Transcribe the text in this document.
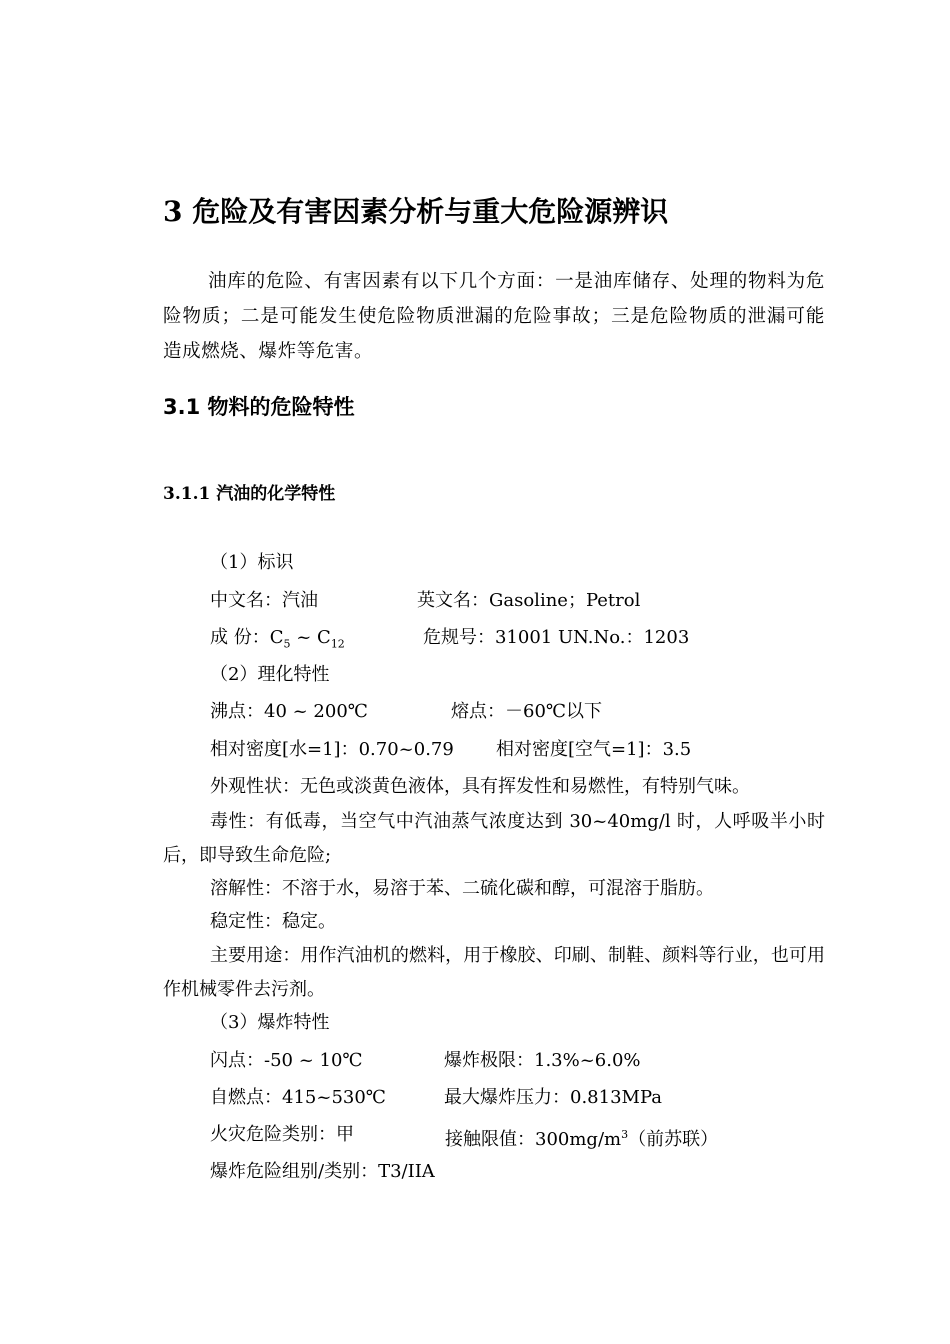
3 危险及有害因素分析与重大危险源辨识
油库的危险、有害因素有以下几个方面：一是油库储存、处理的物料为危险物质；二是可能发生使危险物质泄漏的危险事故；三是危险物质的泄漏可能造成燃烧、爆炸等危害。
3.1 物料的危险特性
3.1.1 汽油的化学特性
（1）标识
中文名：汽油	英文名：Gasoline；Petrol
成 份：$C_5$ ~ $C_{12}$	危规号：31001 UN.No.：1203
（2）理化特性
沸点：40 ~ 200℃	熔点：－60℃以下
相对密度[水=1]：0.70~0.79 相对密度[空气=1]：3.5
外观性状：无色或淡黄色液体，具有挥发性和易燃性，有特别气味。
毒性：有低毒，当空气中汽油蒸气浓度达到 30~40mg/l 时，人呼吸半小时后，即导致生命危险;
溶解性：不溶于水，易溶于苯、二硫化碳和醇，可混溶于脂肪。
稳定性：稳定。
主要用途：用作汽油机的燃料，用于橡胶、印刷、制鞋、颜料等行业，也可用作机械零件去污剂。
（3）爆炸特性
闪点：-50 ~ 10℃	爆炸极限：1.3%~6.0%
自燃点：415~530℃	最大爆炸压力：0.813MPa
火灾危险类别：甲	接触限值：$300mg/m^3$（前苏联）
爆炸危险组别/类别：T3/IIA
